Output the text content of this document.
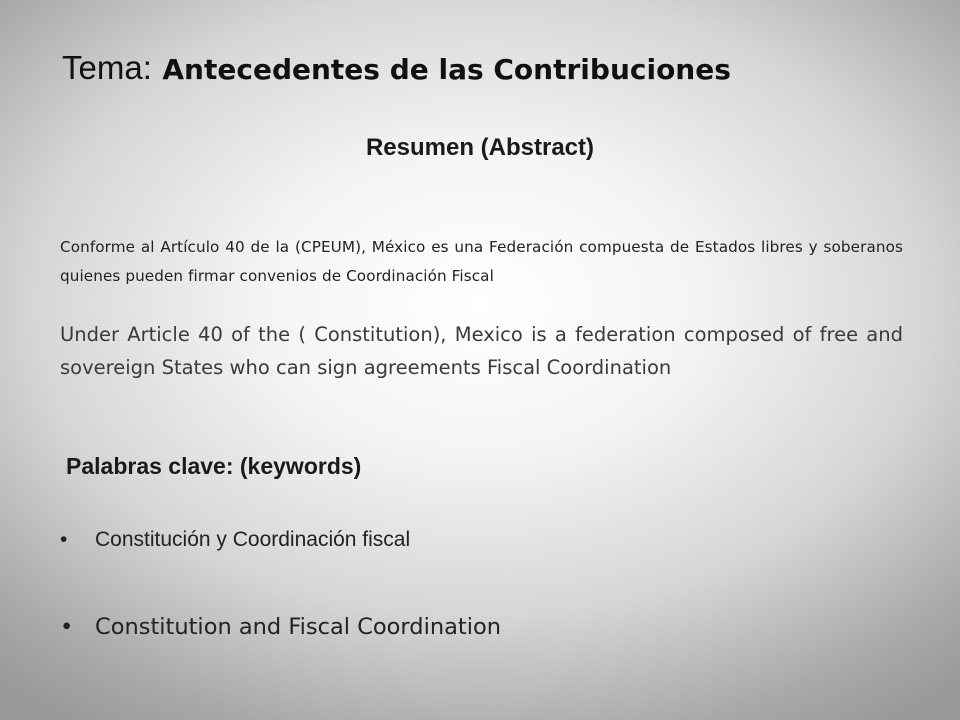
Tema: Antecedentes de las Contribuciones
Resumen (Abstract)
Conforme al Artículo 40 de la (CPEUM), México es una Federación compuesta de Estados libres y soberanos quienes pueden firmar convenios de Coordinación Fiscal
Under Article 40 of the ( Constitution), Mexico is a federation composed of free and sovereign States who can sign agreements Fiscal Coordination
Palabras clave: (keywords)
• Constitución y Coordinación fiscal
• Constitution and Fiscal Coordination
